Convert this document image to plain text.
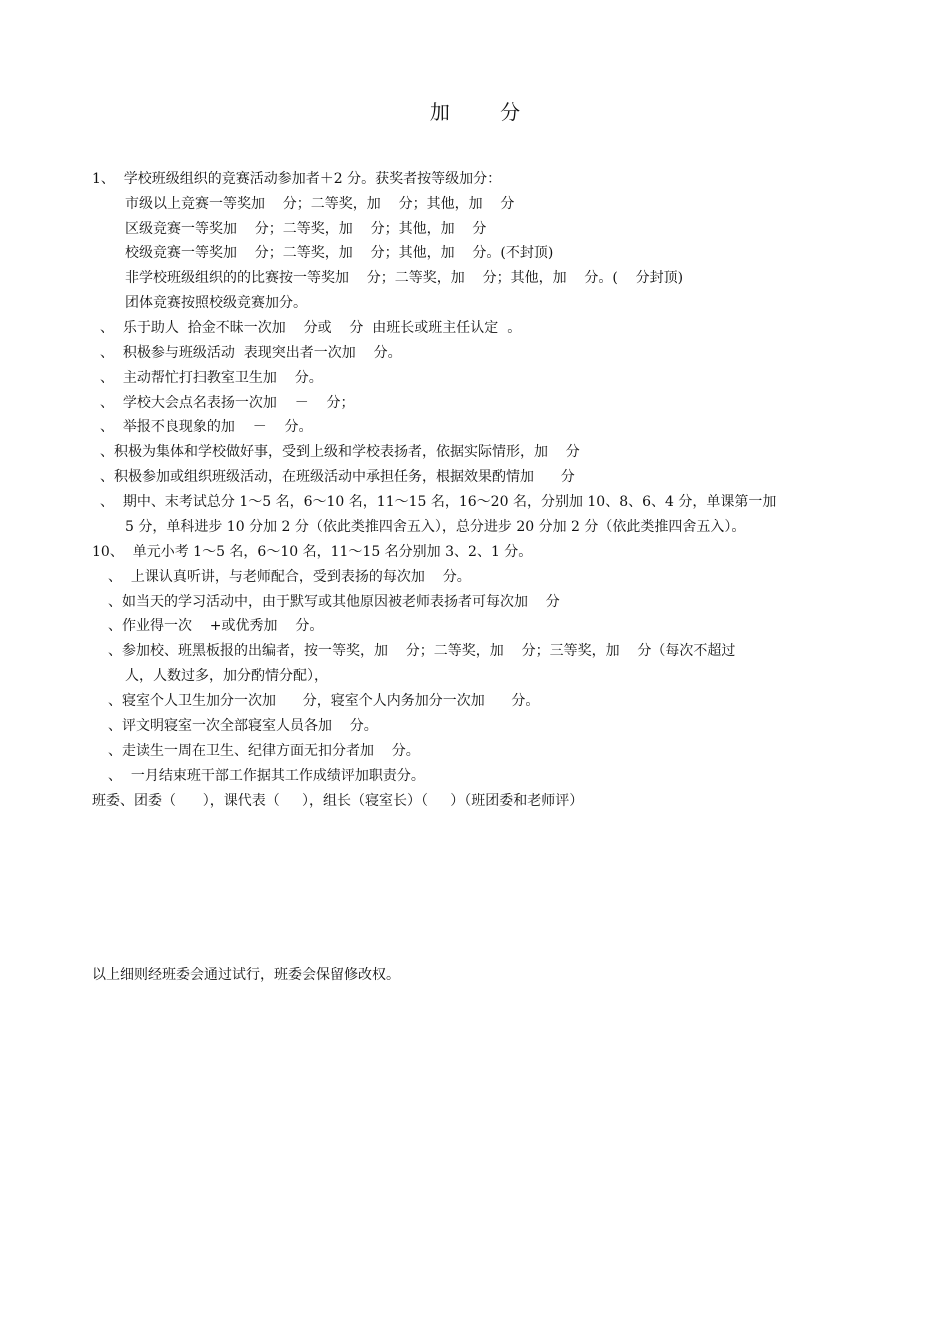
加 分
1、  学校班级组织的竞赛活动参加者＋2 分。获奖者按等级加分：
市级以上竞赛一等奖加    分；二等奖，加    分；其他，加    分
区级竞赛一等奖加    分；二等奖，加    分；其他，加    分
校级竞赛一等奖加    分；二等奖，加    分；其他，加    分。(不封顶)
非学校班级组织的的比赛按一等奖加    分；二等奖，加    分；其他，加    分。(    分封顶)
团体竞赛按照校级竞赛加分。
、  乐于助人  拾金不昧一次加    分或    分  由班长或班主任认定  。
、  积极参与班级活动  表现突出者一次加    分。
、  主动帮忙打扫教室卫生加    分。
、  学校大会点名表扬一次加    －    分；
、  举报不良现象的加    －    分。
、积极为集体和学校做好事，受到上级和学校表扬者，依据实际情形，加    分
、积极参加或组织班级活动，在班级活动中承担任务，根据效果酌情加      分
、  期中、末考试总分 1～5 名，6～10 名，11～15 名，16～20 名，分别加 10、8、6、4 分，单课第一加
5 分，单科进步 10 分加 2 分（依此类推四舍五入），总分进步 20 分加 2 分（依此类推四舍五入）。
10、  单元小考 1～5 名，6～10 名，11～15 名分别加 3、2、1 分。
、  上课认真听讲，与老师配合，受到表扬的每次加    分。
、如当天的学习活动中，由于默写或其他原因被老师表扬者可每次加    分
、作业得一次    +或优秀加    分。
、参加校、班黑板报的出编者，按一等奖，加    分；二等奖，加    分；三等奖，加    分（每次不超过
人，人数过多，加分酌情分配），
、寝室个人卫生加分一次加      分，寝室个人内务加分一次加      分。
、评文明寝室一次全部寝室人员各加    分。
、走读生一周在卫生、纪律方面无扣分者加    分。
、  一月结束班干部工作据其工作成绩评加职责分。
班委、团委（      ），课代表（     ），组长（寝室长）（     ）（班团委和老师评）
以上细则经班委会通过试行，班委会保留修改权。
